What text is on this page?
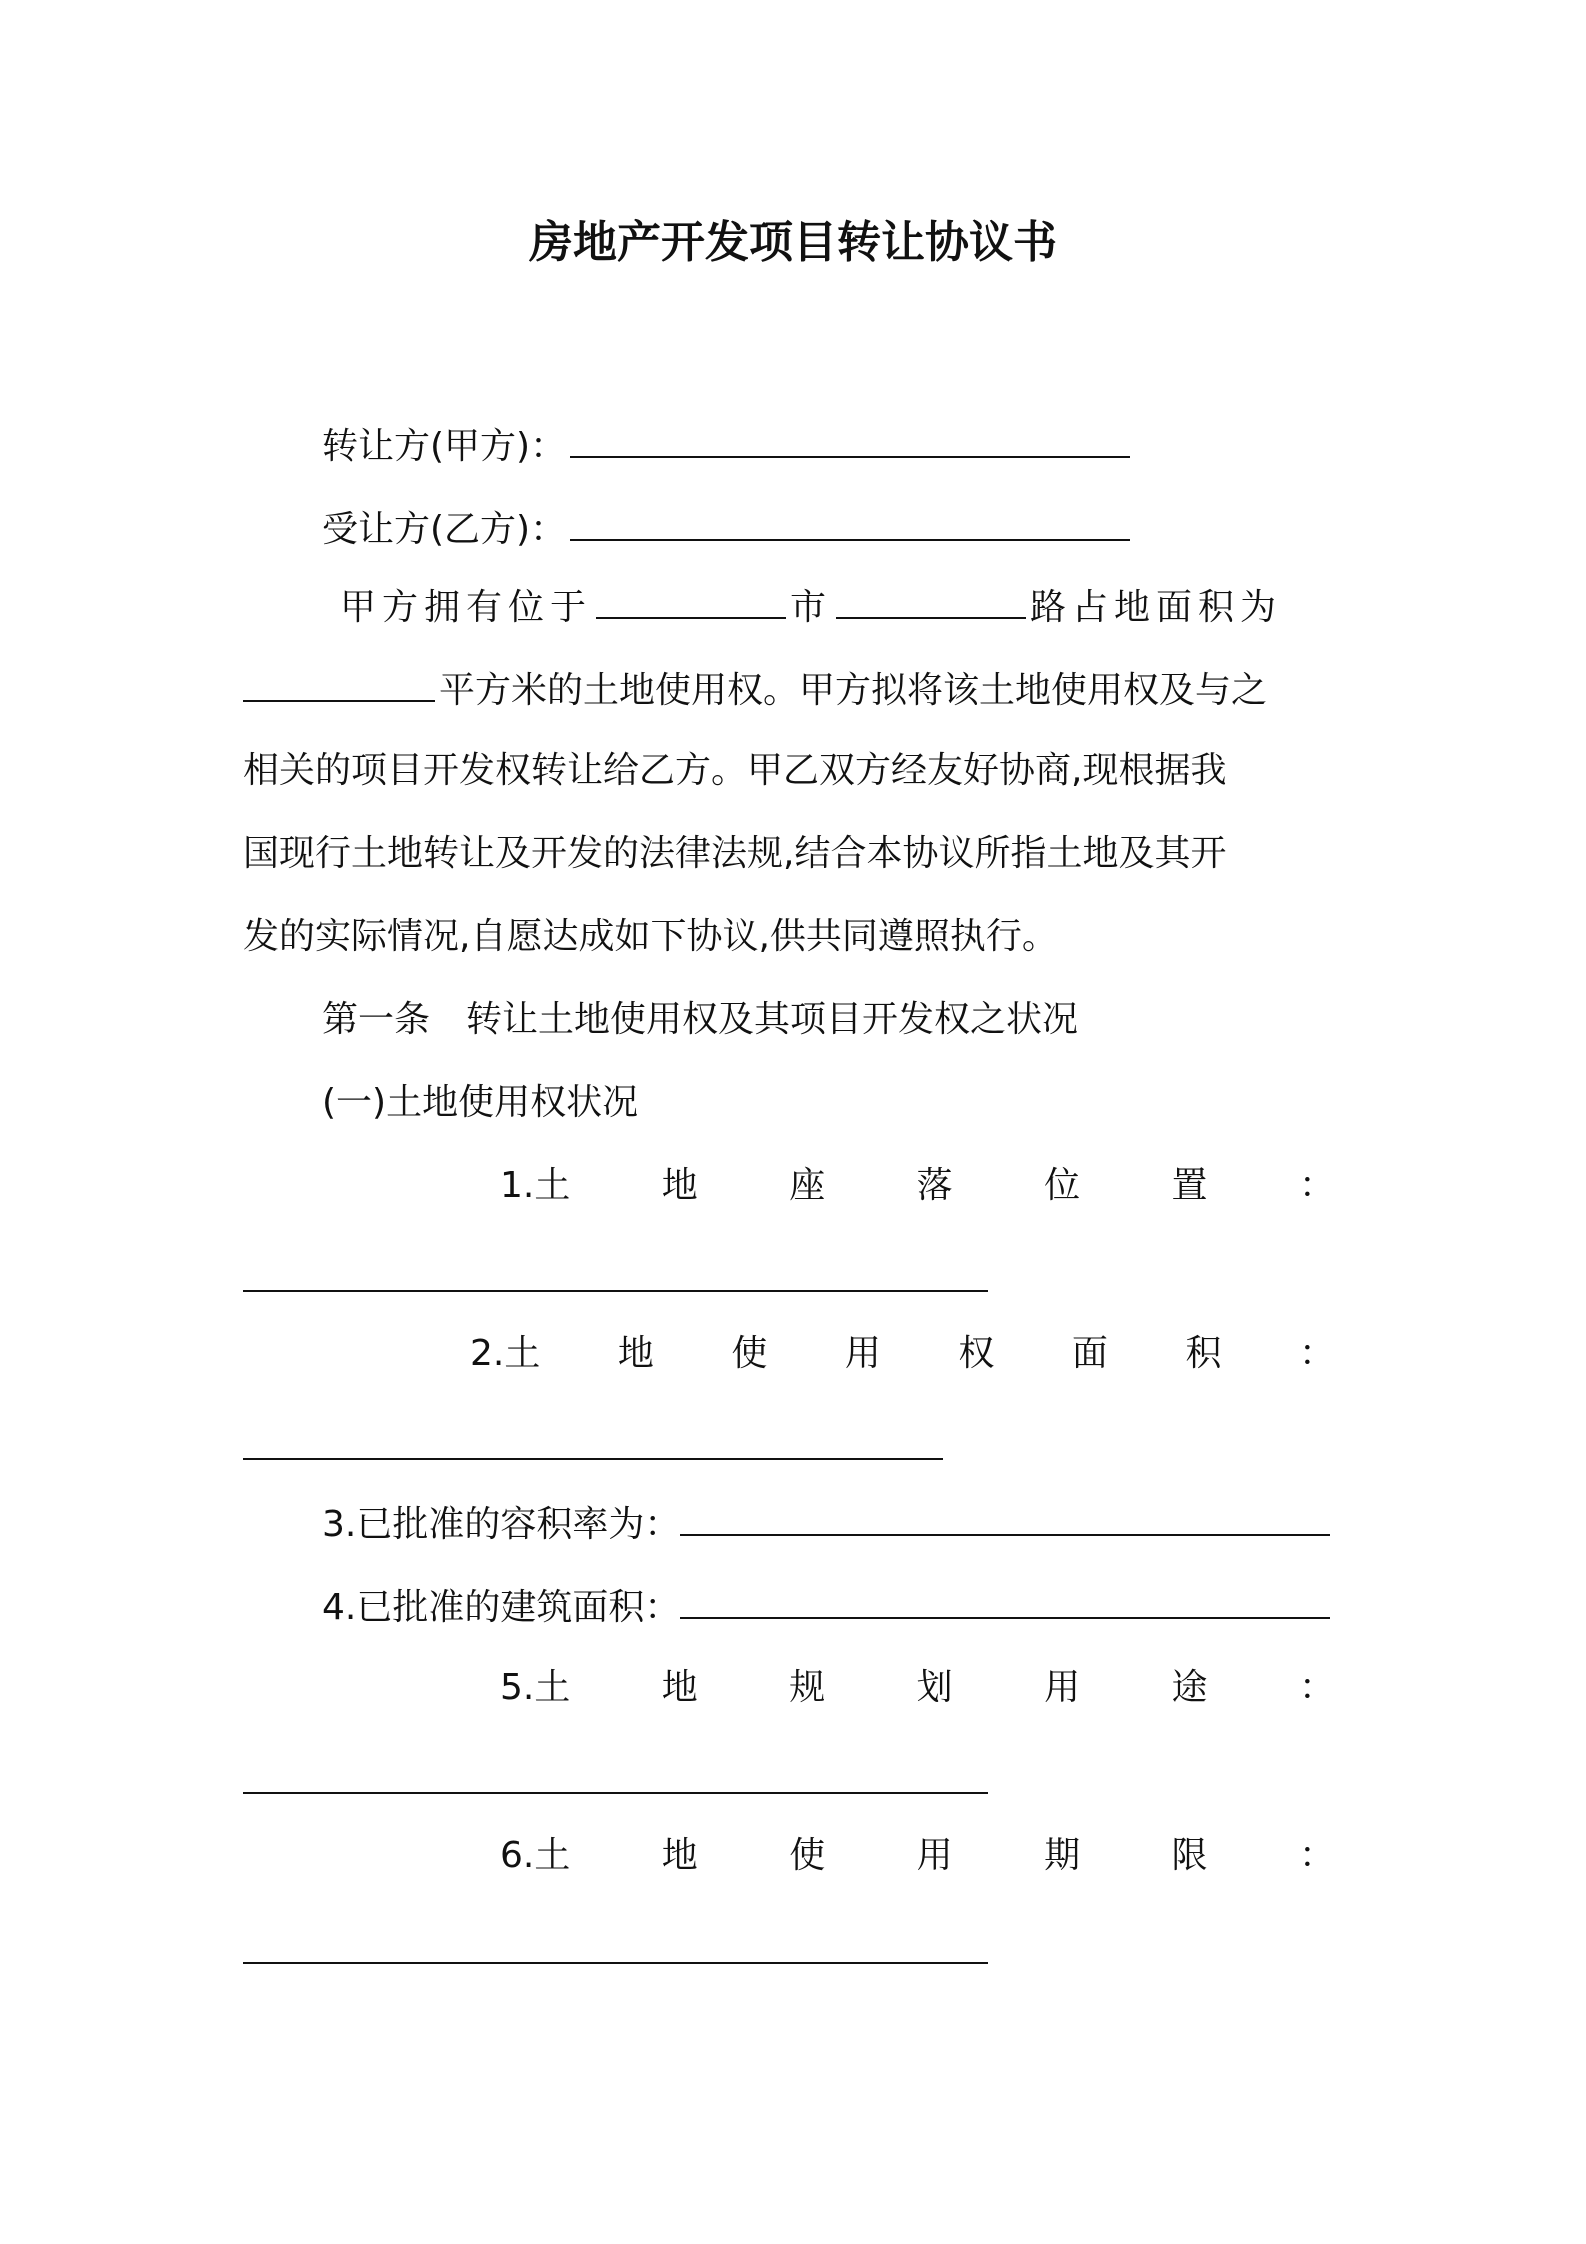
房地产开发项目转让协议书
转让方(甲方)：
受让方(乙方)：
甲方拥有位于	市	路占地面积为
平方米的土地使用权。甲方拟将该土地使用权及与之
相关的项目开发权转让给乙方。甲乙双方经友好协商,现根据我
国现行土地转让及开发的法律法规,结合本协议所指土地及其开
发的实际情况,自愿达成如下协议,供共同遵照执行。
第一条　转让土地使用权及其项目开发权之状况
(一)土地使用权状况
1.土	地	座	落	位	置	：
2.土 地 使 用 权 面 积 ：
3.已批准的容积率为：
4.已批准的建筑面积：
5.土	地	规	划	用	途	：
6.土	地	使	用	期	限	：
